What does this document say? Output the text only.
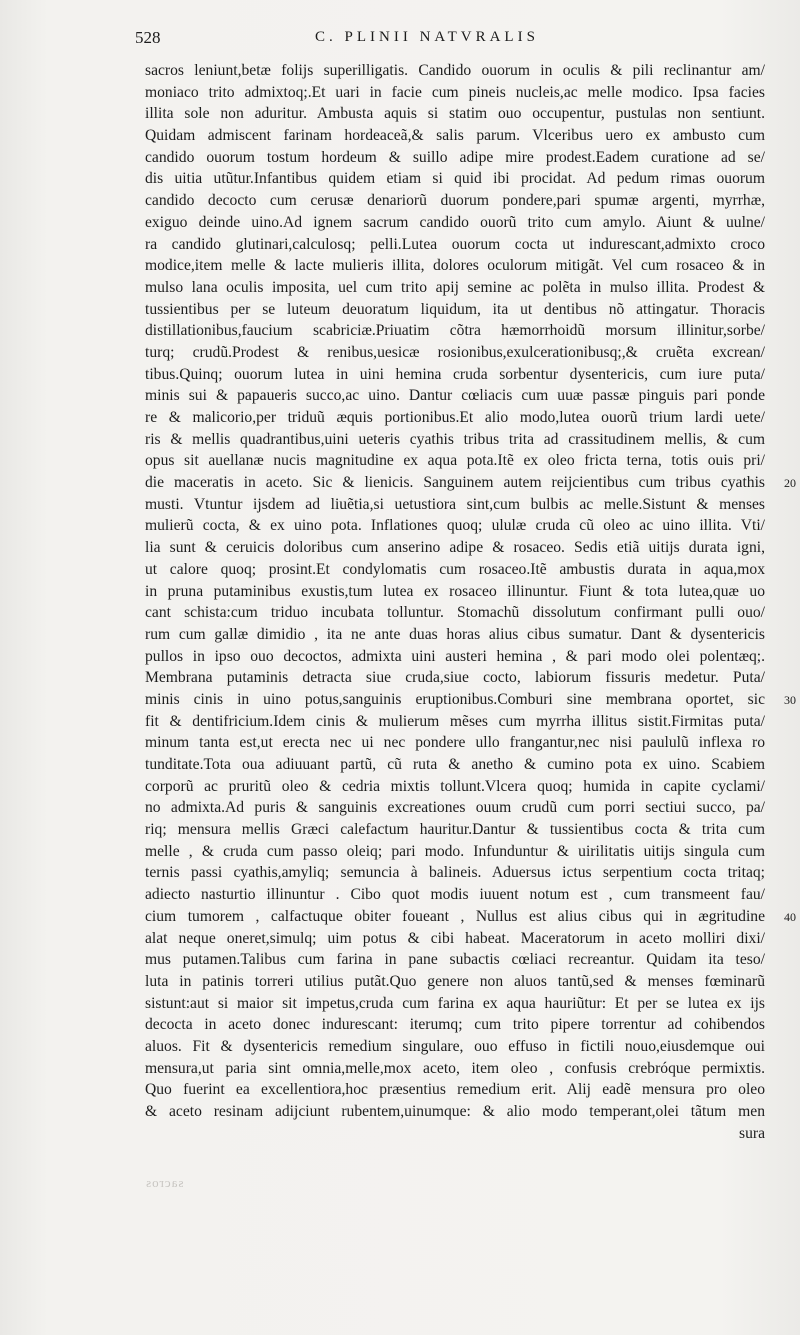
528	C. PLINII NATVRALIS
sacros leniunt,betæ folijs superilligatis. Candido ouorum in oculis & pili reclinantur am/
moniaco trito admixtoq;.Et uari in facie cum pineis nucleis,ac melle modico. Ipsa facies
illita sole non aduritur. Ambusta aquis si statim ouo occupentur, pustulas non sentiunt.
Quidam admiscent farinam hordeaceã,& salis parum. Vlceribus uero ex ambusto cum
candido ouorum tostum hordeum & suillo adipe mire prodest.Eadem curatione ad se/
dis uitia utũtur.Infantibus quidem etiam si quid ibi procidat. Ad pedum rimas ouorum
candido decocto cum cerusæ denariorũ duorum pondere,pari spumæ argenti, myrrhæ,
exiguo deinde uino.Ad ignem sacrum candido ouorũ trito cum amylo. Aiunt & uulne/
ra candido glutinari,calculosq; pelli.Lutea ouorum cocta ut indurescant,admixto croco
modice,item melle & lacte mulieris illita, dolores oculorum mitigãt. Vel cum rosaceo & in
mulso lana oculis imposita, uel cum trito apij semine ac polẽta in mulso illita. Prodest &
tussientibus per se luteum deuoratum liquidum, ita ut dentibus nõ attingatur. Thoracis
distillationibus,faucium scabriciæ.Priuatim cõtra hæmorrhoidũ morsum illinitur,sorbe/
turq; crudũ.Prodest & renibus,uesicæ rosionibus,exulcerationibusq;,& cruẽta excrean/
tibus.Quinq; ouorum lutea in uini hemina cruda sorbentur dysentericis, cum iure puta/
minis sui & papaueris succo,ac uino. Dantur cœliacis cum uuæ passæ pinguis pari ponde
re & malicorio,per triduũ æquis portionibus.Et alio modo,lutea ouorũ trium lardi uete/
ris & mellis quadrantibus,uini ueteris cyathis tribus trita ad crassitudinem mellis, & cum
opus sit auellanæ nucis magnitudine ex aqua pota.Itẽ ex oleo fricta terna, totis ouis pri/
die maceratis in aceto. Sic & lienicis. Sanguinem autem reijcientibus cum tribus cyathis
musti. Vtuntur ijsdem ad liuẽtia,si uetustiora sint,cum bulbis ac melle.Sistunt & menses
mulierũ cocta, & ex uino pota. Inflationes quoq; ululæ cruda cũ oleo ac uino illita. Vti/
lia sunt & ceruicis doloribus cum anserino adipe & rosaceo. Sedis etiã uitijs durata igni,
ut calore quoq; prosint.Et condylomatis cum rosaceo.Itẽ ambustis durata in aqua,mox
in pruna putaminibus exustis,tum lutea ex rosaceo illinuntur. Fiunt & tota lutea,quæ uo
cant schista:cum triduo incubata tolluntur. Stomachũ dissolutum confirmant pulli ouo/
rum cum gallæ dimidio , ita ne ante duas horas alius cibus sumatur. Dant & dysentericis
pullos in ipso ouo decoctos, admixta uini austeri hemina , & pari modo olei polentæq;.
Membrana putaminis detracta siue cruda,siue cocto, labiorum fissuris medetur. Puta/
minis cinis in uino potus,sanguinis eruptionibus.Comburi sine membrana oportet, sic
fit & dentifricium.Idem cinis & mulierum mẽses cum myrrha illitus sistit.Firmitas puta/
minum tanta est,ut erecta nec ui nec pondere ullo frangantur,nec nisi paululũ inflexa ro
tunditate.Tota oua adiuuant partũ, cũ ruta & anetho & cumino pota ex uino. Scabiem
corporũ ac pruritũ oleo & cedria mixtis tollunt.Vlcera quoq; humida in capite cyclami/
no admixta.Ad puris & sanguinis excreationes ouum crudũ cum porri sectiui succo, pa/
riq; mensura mellis Græci calefactum hauritur.Dantur & tussientibus cocta & trita cum
melle , & cruda cum passo oleiq; pari modo. Infunduntur & uirilitatis uitijs singula cum
ternis passi cyathis,amyliq; semuncia à balineis. Aduersus ictus serpentium cocta tritaq;
adiecto nasturtio illinuntur . Cibo quot modis iuuent notum est , cum transmeent fau/
cium tumorem , calfactuque obiter foueant , Nullus est alius cibus qui in ægritudine
alat neque oneret,simulq; uim potus & cibi habeat. Maceratorum in aceto molliri dixi/
mus putamen.Talibus cum farina in pane subactis cœliaci recreantur. Quidam ita teso/
luta in patinis torreri utilius putãt.Quo genere non aluos tantũ,sed & menses fœminarũ
sistunt:aut si maior sit impetus,cruda cum farina ex aqua hauriũtur: Et per se lutea ex ijs
decocta in aceto donec indurescant: iterumq; cum trito pipere torrentur ad cohibendos
aluos. Fit & dysentericis remedium singulare, ouo effuso in fictili nouo,eiusdemque oui
mensura,ut paria sint omnia,melle,mox aceto, item oleo , confusis crebróque permixtis.
Quo fuerint ea excellentiora,hoc præsentius remedium erit. Alij eadẽ mensura pro oleo
& aceto resinam adijciunt rubentem,uinumque: & alio modo temperant,olei tãtum men
sura
20
30
40
sacros
